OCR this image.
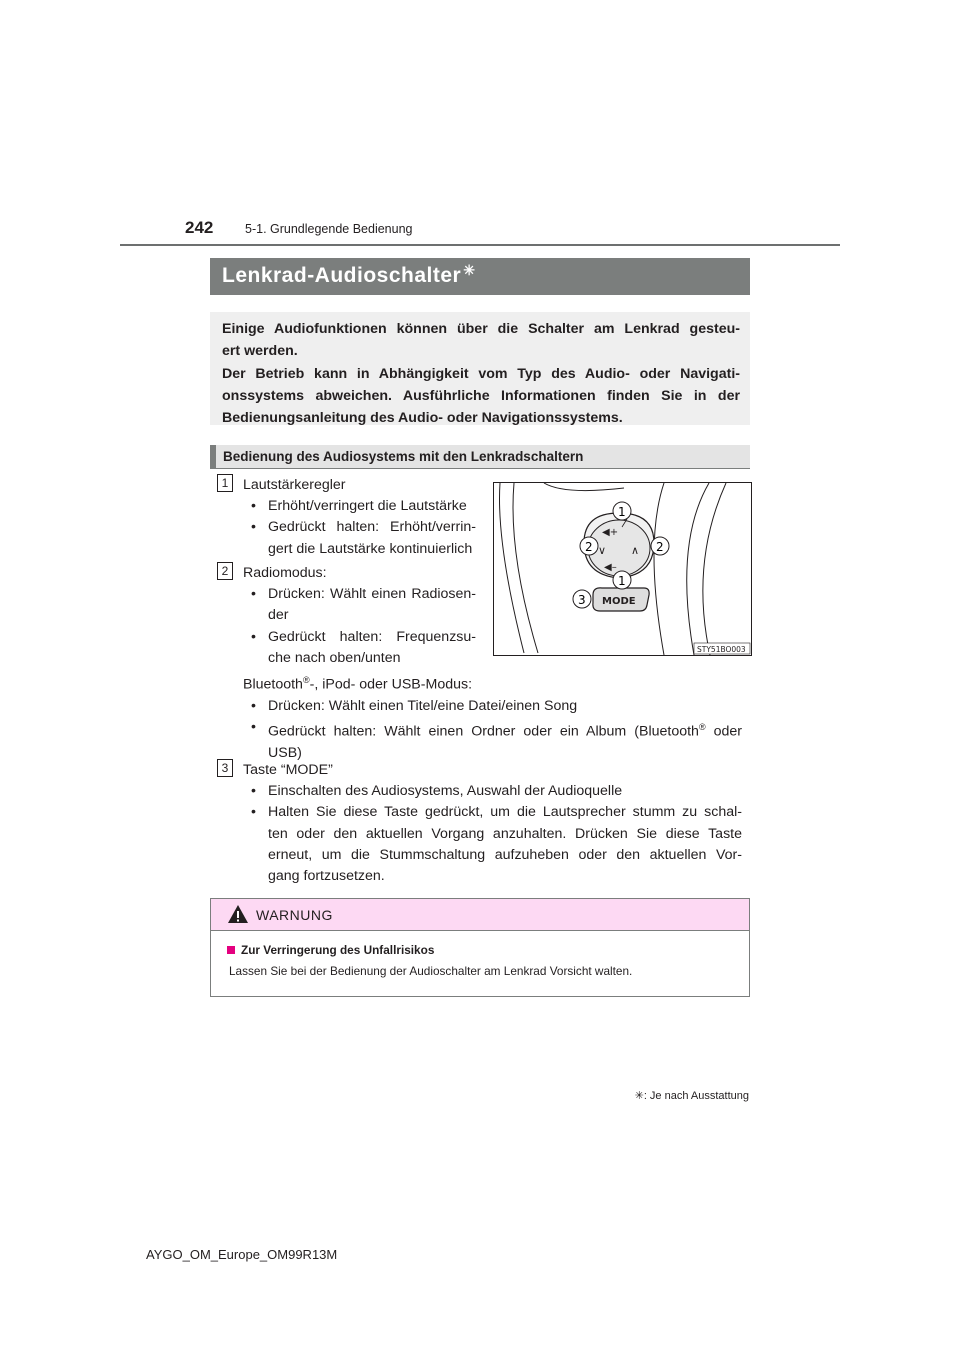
242	5-1. Grundlegende Bedienung
Lenkrad-Audioschalter ✳
Einige Audiofunktionen können über die Schalter am Lenkrad gesteu-
ert werden.
Der Betrieb kann in Abhängigkeit vom Typ des Audio- oder Navigati-
onssystems abweichen. Ausführliche Informationen finden Sie in der
Bedienungsanleitung des Audio- oder Navigationssystems.
Bedienung des Audiosystems mit den Lenkradschaltern
1	Lautstärkeregler
• Erhöht/verringert die Lautstärke
• Gedrückt halten: Erhöht/verrin-
gert die Lautstärke kontinuierlich
2	Radiomodus:
• Drücken: Wählt einen Radiosen-
der
• Gedrückt halten: Frequenzsu-
che nach oben/unten
Bluetooth®-, iPod- oder USB-Modus:
• Drücken: Wählt einen Titel/eine Datei/einen Song
• Gedrückt halten: Wählt einen Ordner oder ein Album (Bluetooth® oder
USB)
3	Taste “MODE”
• Einschalten des Audiosystems, Auswahl der Audioquelle
• Halten Sie diese Taste gedrückt, um die Lautsprecher stumm zu schal-
ten oder den aktuellen Vorgang anzuhalten. Drücken Sie diese Taste
erneut, um die Stummschaltung aufzuheben oder den aktuellen Vor-
gang fortzusetzen.
◀+
∨ ∧
◀–
MODE
1
2	2
1
3
STY51BO003
WARNUNG
Zur Verringerung des Unfallrisikos
Lassen Sie bei der Bedienung der Audioschalter am Lenkrad Vorsicht walten.
✳: Je nach Ausstattung
AYGO_OM_Europe_OM99R13M
